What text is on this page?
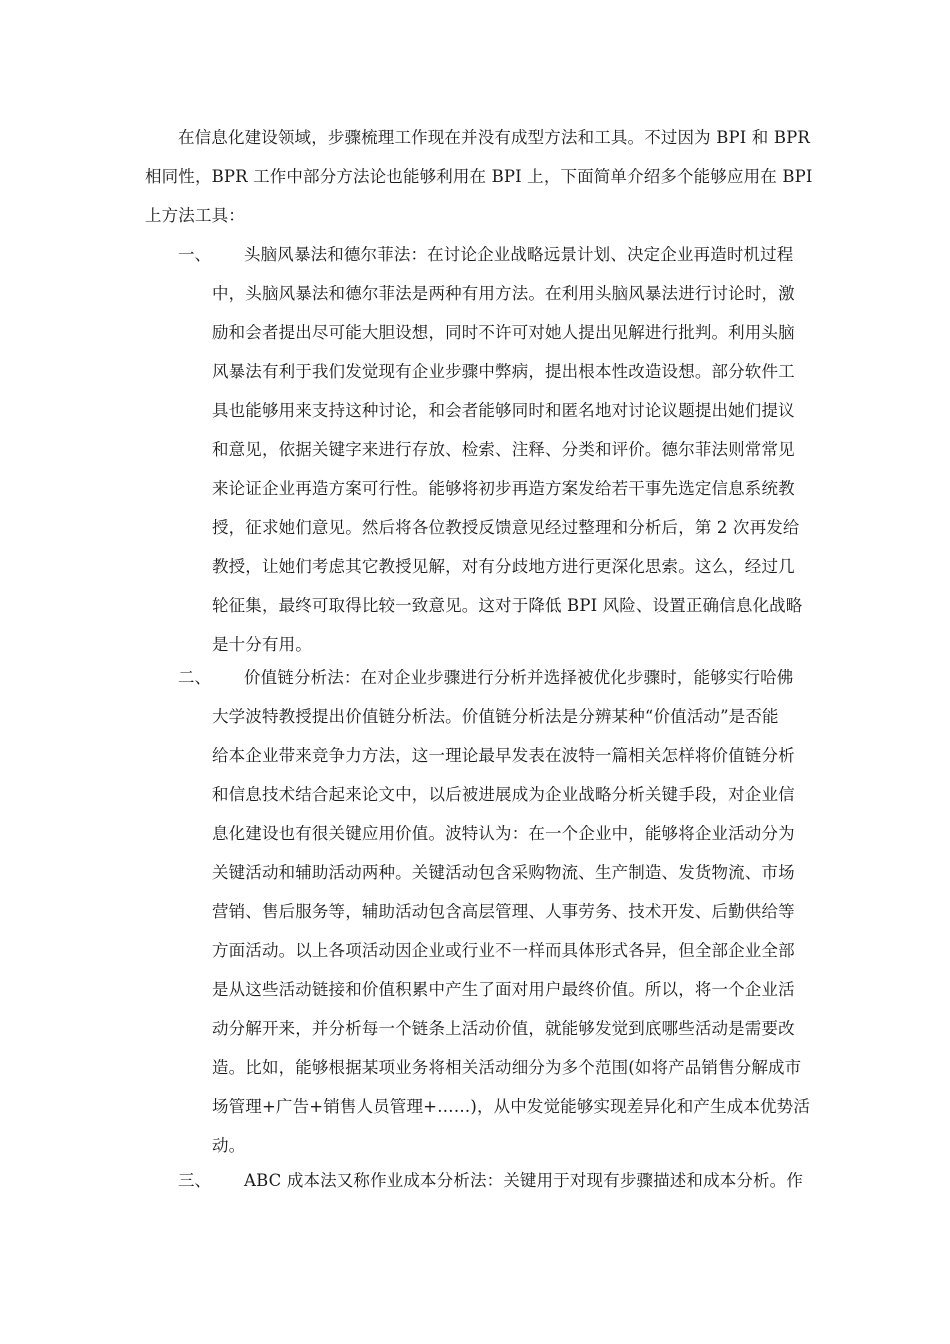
在信息化建设领域，步骤梳理工作现在并没有成型方法和工具。不过因为 BPI 和 BPR
相同性，BPR 工作中部分方法论也能够利用在 BPI 上，下面简单介绍多个能够应用在 BPI
上方法工具：
一、 头脑风暴法和德尔菲法：在讨论企业战略远景计划、决定企业再造时机过程
中，头脑风暴法和德尔菲法是两种有用方法。在利用头脑风暴法进行讨论时，激
励和会者提出尽可能大胆设想，同时不许可对她人提出见解进行批判。利用头脑
风暴法有利于我们发觉现有企业步骤中弊病，提出根本性改造设想。部分软件工
具也能够用来支持这种讨论，和会者能够同时和匿名地对讨论议题提出她们提议
和意见，依据关键字来进行存放、检索、注释、分类和评价。德尔菲法则常常见
来论证企业再造方案可行性。能够将初步再造方案发给若干事先选定信息系统教
授，征求她们意见。然后将各位教授反馈意见经过整理和分析后，第 2 次再发给
教授，让她们考虑其它教授见解，对有分歧地方进行更深化思索。这么，经过几
轮征集，最终可取得比较一致意见。这对于降低 BPI 风险、设置正确信息化战略
是十分有用。
二、 价值链分析法：在对企业步骤进行分析并选择被优化步骤时，能够实行哈佛
大学波特教授提出价值链分析法。价值链分析法是分辨某种“价值活动”是否能
给本企业带来竞争力方法，这一理论最早发表在波特一篇相关怎样将价值链分析
和信息技术结合起来论文中，以后被进展成为企业战略分析关键手段，对企业信
息化建设也有很关键应用价值。波特认为：在一个企业中，能够将企业活动分为
关键活动和辅助活动两种。关键活动包含采购物流、生产制造、发货物流、市场
营销、售后服务等，辅助活动包含高层管理、人事劳务、技术开发、后勤供给等
方面活动。以上各项活动因企业或行业不一样而具体形式各异，但全部企业全部
是从这些活动链接和价值积累中产生了面对用户最终价值。所以，将一个企业活
动分解开来，并分析每一个链条上活动价值，就能够发觉到底哪些活动是需要改
造。比如，能够根据某项业务将相关活动细分为多个范围(如将产品销售分解成市
场管理+广告+销售人员管理+……)，从中发觉能够实现差异化和产生成本优势活
动。
三、 ABC 成本法又称作业成本分析法：关键用于对现有步骤描述和成本分析。作
